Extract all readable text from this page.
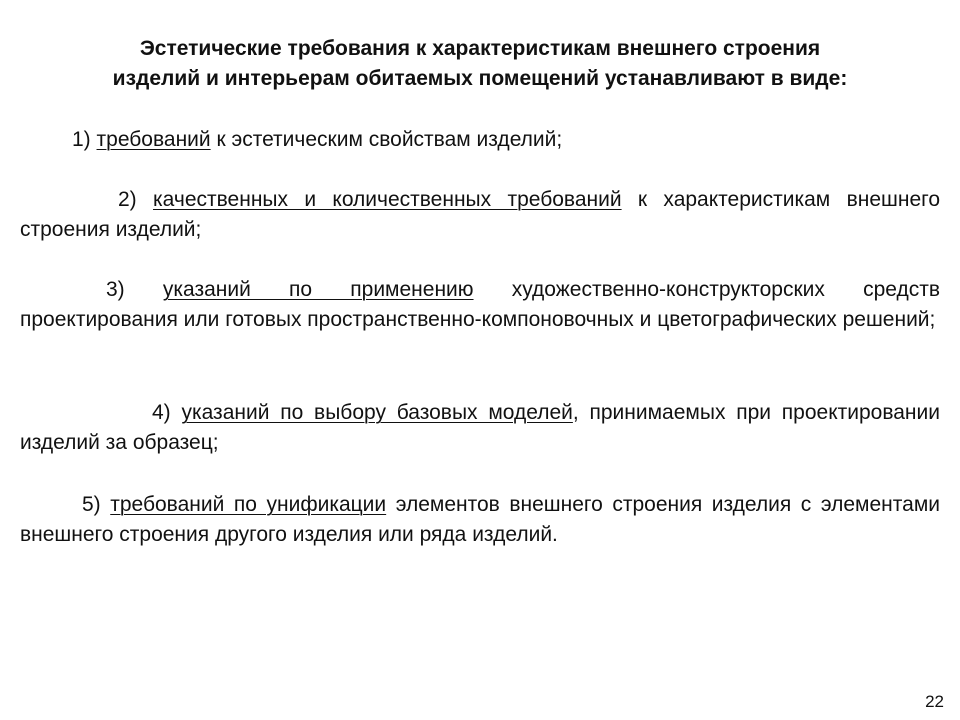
Эстетические требования к характеристикам внешнего строения
изделий и интерьерам обитаемых помещений устанавливают в виде:
1) требований к эстетическим свойствам изделий;
2) качественных и количественных требований к характеристикам внешнего строения изделий;
3) указаний по применению художественно-конструкторских средств проектирования или готовых пространственно-компоновочных и цветографических решений;
4) указаний по выбору базовых моделей, принимаемых при проектировании изделий за образец;
5) требований по унификации элементов внешнего строения изделия с элементами внешнего строения другого изделия или ряда изделий.
22
